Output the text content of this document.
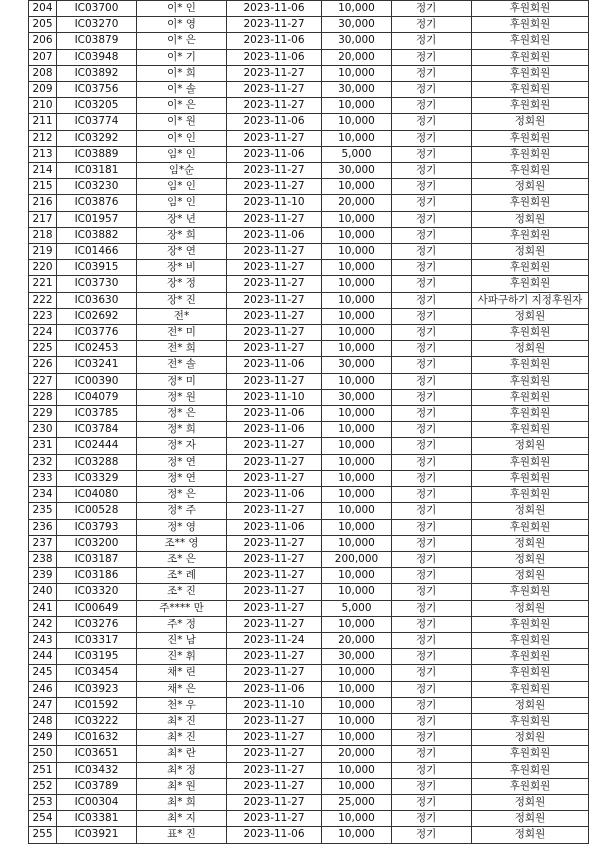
204	IC03700	이* 인	2023-11-06	10,000	정기	후원회원
205	IC03270	이* 영	2023-11-27	30,000	정기	후원회원
206	IC03879	이* 은	2023-11-06	30,000	정기	후원회원
207	IC03948	이* 기	2023-11-06	20,000	정기	후원회원
208	IC03892	이* 희	2023-11-27	10,000	정기	후원회원
209	IC03756	이* 솔	2023-11-27	30,000	정기	후원회원
210	IC03205	이* 은	2023-11-27	10,000	정기	후원회원
211	IC03774	이* 원	2023-11-06	10,000	정기	정회원
212	IC03292	이* 인	2023-11-27	10,000	정기	후원회원
213	IC03889	임* 인	2023-11-06	5,000	정기	후원회원
214	IC03181	임*순	2023-11-27	30,000	정기	후원회원
215	IC03230	임* 인	2023-11-27	10,000	정기	정회원
216	IC03876	임* 인	2023-11-10	20,000	정기	후원회원
217	IC01957	장* 년	2023-11-27	10,000	정기	정회원
218	IC03882	장* 희	2023-11-06	10,000	정기	후원회원
219	IC01466	장* 연	2023-11-27	10,000	정기	정회원
220	IC03915	장* 비	2023-11-27	10,000	정기	후원회원
221	IC03730	장* 정	2023-11-27	10,000	정기	후원회원
222	IC03630	장* 진	2023-11-27	10,000	정기	사파구하기 지정후원자
223	IC02692	전*	2023-11-27	10,000	정기	정회원
224	IC03776	전* 미	2023-11-27	10,000	정기	후원회원
225	IC02453	전* 희	2023-11-27	10,000	정기	정회원
226	IC03241	전* 솔	2023-11-06	30,000	정기	후원회원
227	IC00390	정* 미	2023-11-27	10,000	정기	후원회원
228	IC04079	정* 원	2023-11-10	30,000	정기	후원회원
229	IC03785	정* 은	2023-11-06	10,000	정기	후원회원
230	IC03784	정* 희	2023-11-06	10,000	정기	후원회원
231	IC02444	정* 자	2023-11-27	10,000	정기	정회원
232	IC03288	정* 연	2023-11-27	10,000	정기	후원회원
233	IC03329	정* 연	2023-11-27	10,000	정기	후원회원
234	IC04080	정* 은	2023-11-06	10,000	정기	후원회원
235	IC00528	정* 주	2023-11-27	10,000	정기	정회원
236	IC03793	정* 영	2023-11-06	10,000	정기	후원회원
237	IC03200	조** 영	2023-11-27	10,000	정기	정회원
238	IC03187	조* 은	2023-11-27	200,000	정기	정회원
239	IC03186	조* 례	2023-11-27	10,000	정기	정회원
240	IC03320	조* 진	2023-11-27	10,000	정기	후원회원
241	IC00649	주**** 만	2023-11-27	5,000	정기	정회원
242	IC03276	주* 정	2023-11-27	10,000	정기	후원회원
243	IC03317	진* 남	2023-11-24	20,000	정기	후원회원
244	IC03195	진* 휘	2023-11-27	30,000	정기	후원회원
245	IC03454	채* 린	2023-11-27	10,000	정기	후원회원
246	IC03923	채* 은	2023-11-06	10,000	정기	후원회원
247	IC01592	천* 우	2023-11-10	10,000	정기	정회원
248	IC03222	최* 진	2023-11-27	10,000	정기	후원회원
249	IC01632	최* 진	2023-11-27	10,000	정기	정회원
250	IC03651	최* 란	2023-11-27	20,000	정기	후원회원
251	IC03432	최* 정	2023-11-27	10,000	정기	후원회원
252	IC03789	최* 원	2023-11-27	10,000	정기	후원회원
253	IC00304	최* 희	2023-11-27	25,000	정기	정회원
254	IC03381	최* 지	2023-11-27	10,000	정기	정회원
255	IC03921	표* 진	2023-11-06	10,000	정기	정회원
